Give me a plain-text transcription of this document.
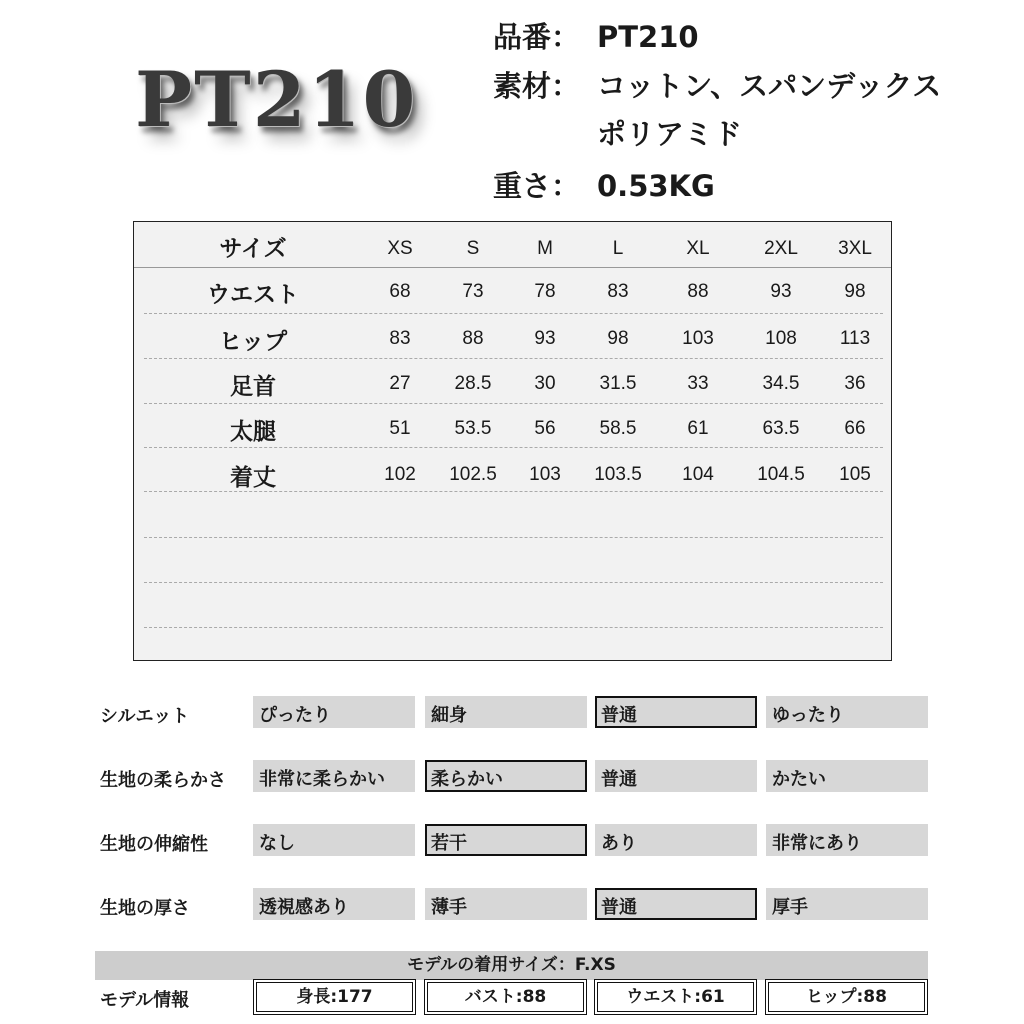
PT210
品番： PT210
素材： コットン、スパンデックス
ポリアミド
重さ： 0.53KG
サイズ	XS	S	M	L	XL	2XL 3XL
ウエスト	68	73	78	83	88	93	98
ヒップ	83	88	93	98	103	108 113
足首	27 28.5 30 31.5	33	34.5 36
太腿	51 53.5 56 58.5	61	63.5 66
着丈	102 102.5 103 103.5 104 104.5 105
シルエット	ぴったり	細身	普通	ゆったり
生地の柔らかさ	非常に柔らかい	柔らかい	普通	かたい
生地の伸縮性	なし	若干	あり	非常にあり
生地の厚さ	透視感あり	薄手	普通	厚手
モデルの着用サイズ：F.XS
モデル情報	身長:177	バスト:88	ウエスト:61	ヒップ:88
